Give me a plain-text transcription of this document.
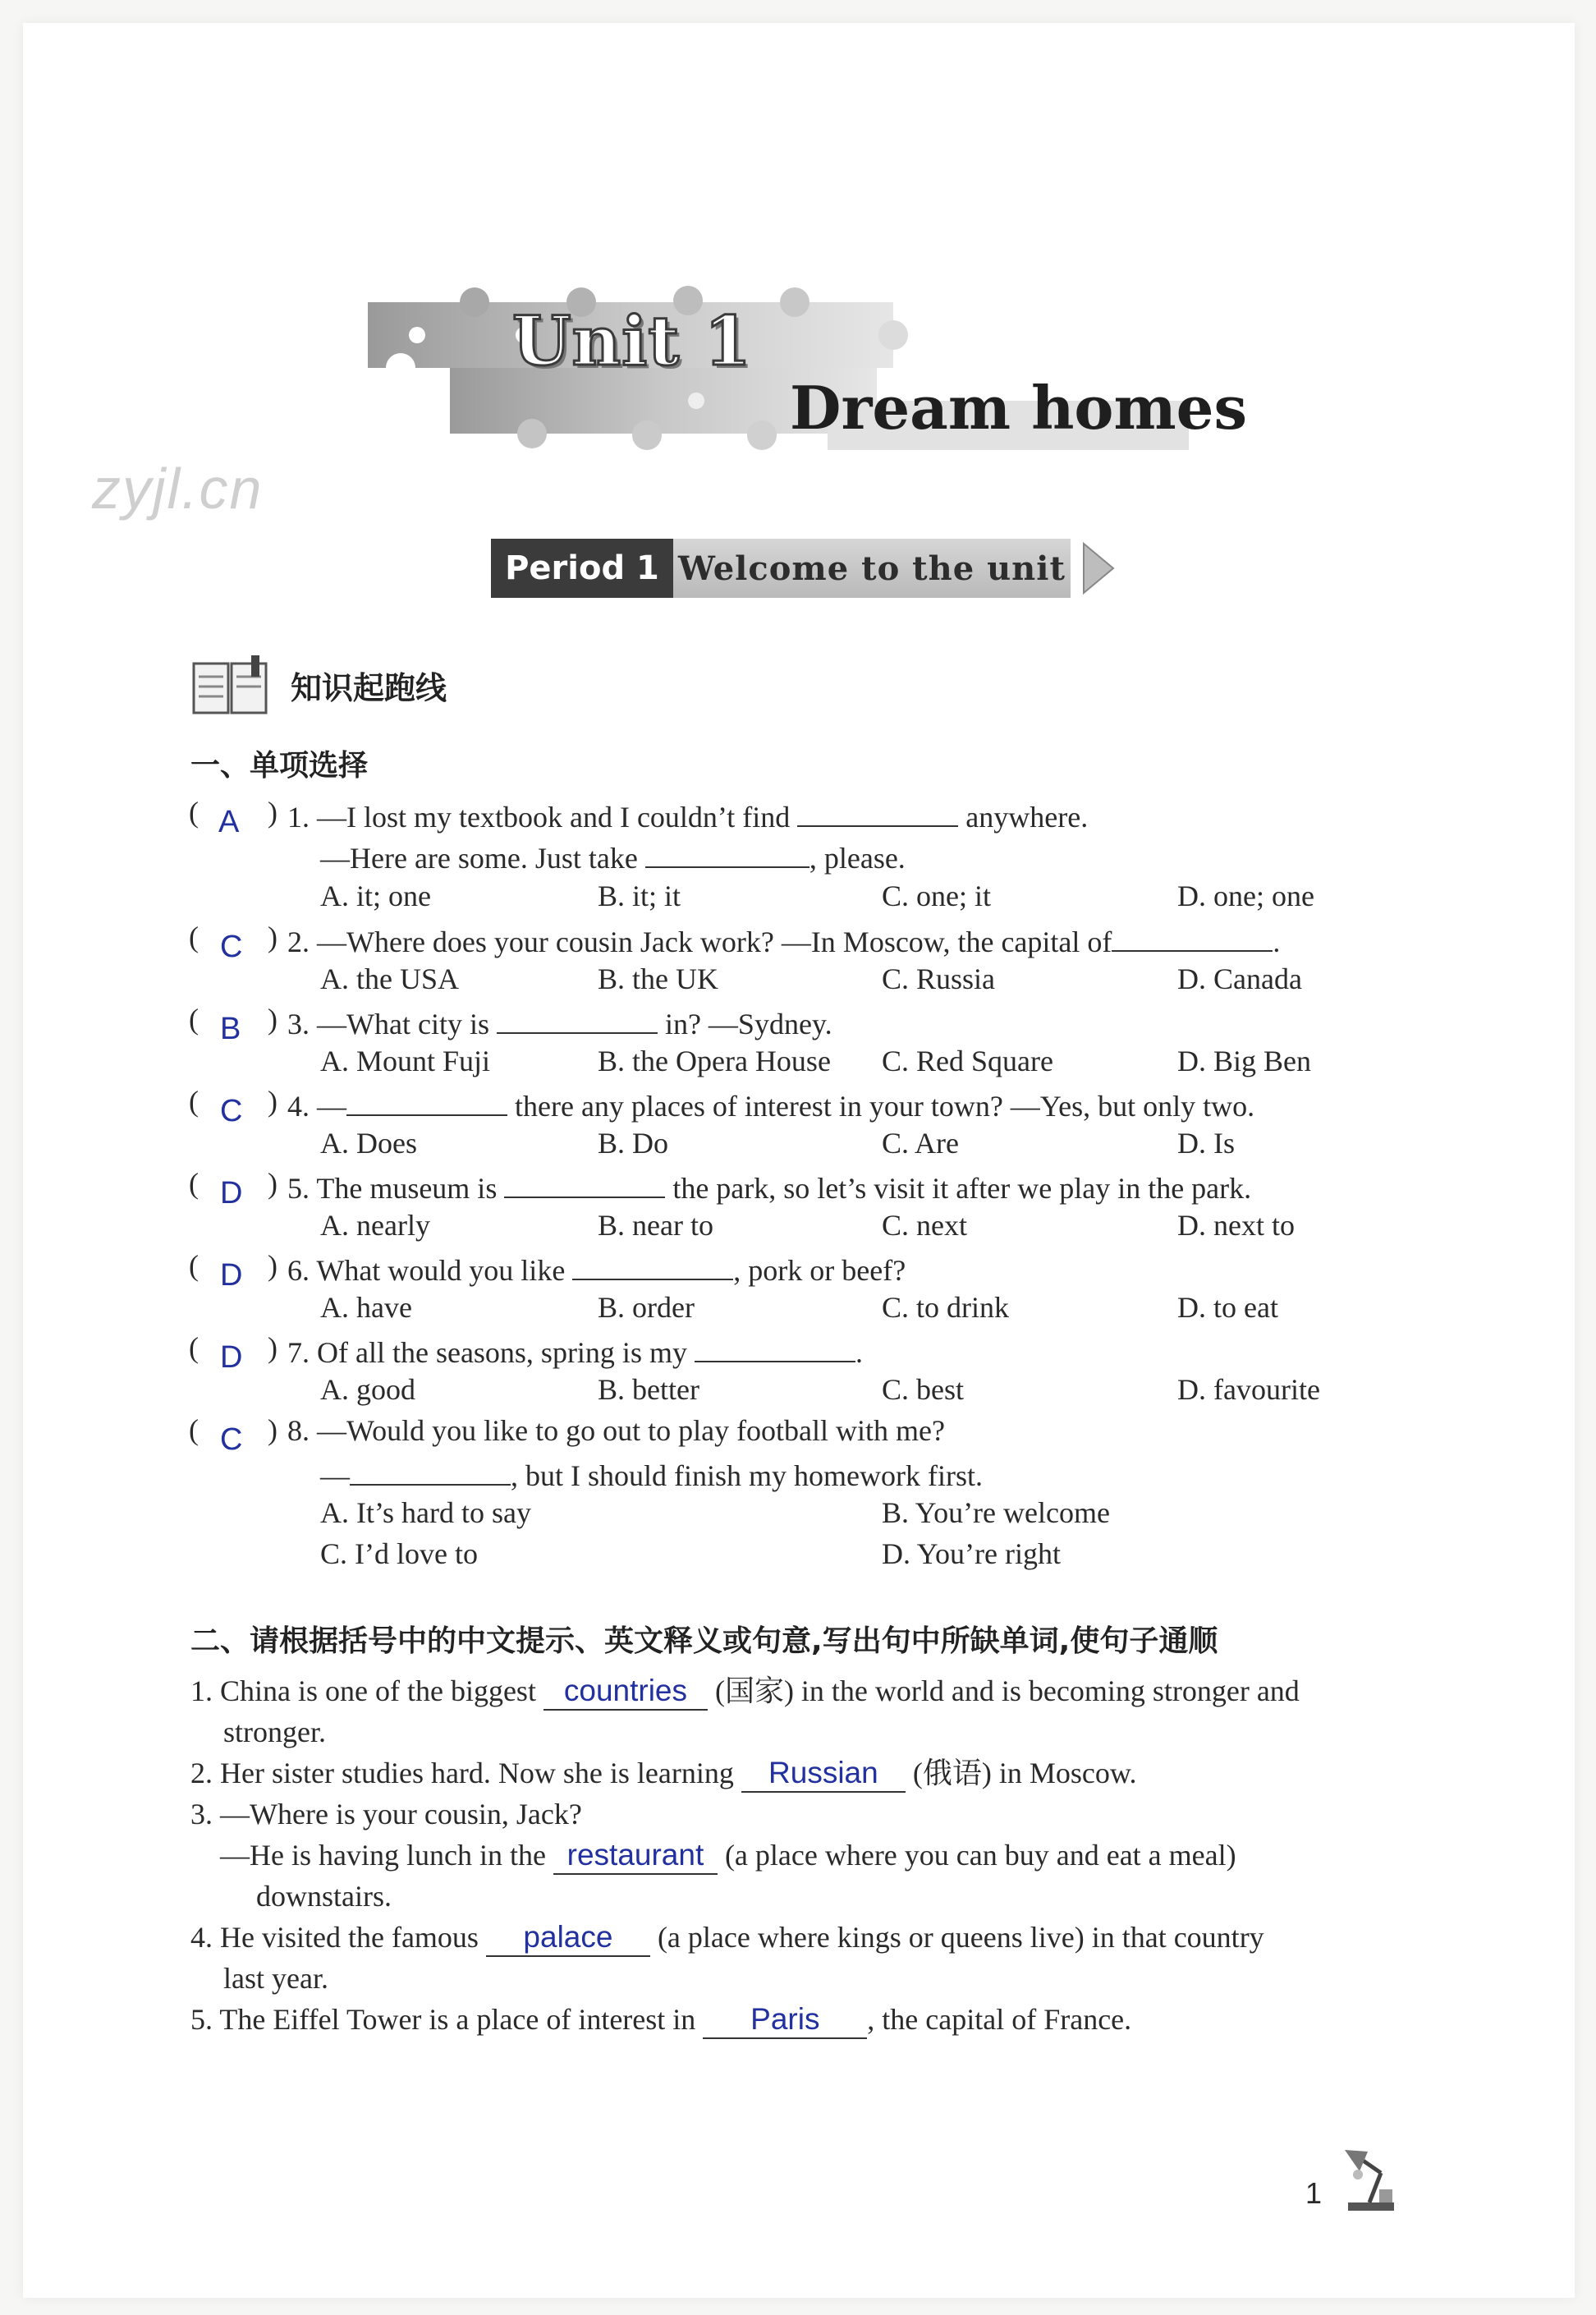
Unit 1
Dream homes
zyjl.cn
Period 1 Welcome to the unit
知识起跑线
一、单项选择
( A ) 1. —I lost my textbook and I couldn’t find	anywhere.
—Here are some. Just take	, please.
A. it; one	B. it; it	C. one; it	D. one; one
( C ) 2. —Where does your cousin Jack work? —In Moscow, the capital of	.
A. the USA	B. the UK	C. Russia	D. Canada
( B ) 3. —What city is	in? —Sydney.
A. Mount Fuji	B. the Opera House C. Red Square	D. Big Ben
( C ) 4. —	there any places of interest in your town? —Yes, but only two.
A. Does	B. Do	C. Are	D. Is
( D ) 5. The museum is	the park, so let’s visit it after we play in the park.
A. nearly	B. near to	C. next	D. next to
( D ) 6. What would you like	, pork or beef?
A. have	B. order	C. to drink	D. to eat
( D ) 7. Of all the seasons, spring is my	.
A. good	B. better	C. best	D. favourite
( C ) 8. —Would you like to go out to play football with me?
—	, but I should finish my homework first.
A. It’s hard to say	B. You’re welcome
C. I’d love to	D. You’re right
二、请根据括号中的中文提示、英文释义或句意,写出句中所缺单词,使句子通顺
1. China is one of the biggest countries (国家) in the world and is becoming stronger and
stronger.
2. Her sister studies hard. Now she is learning Russian (俄语) in Moscow.
3. —Where is your cousin, Jack?
—He is having lunch in the restaurant (a place where you can buy and eat a meal)
downstairs.
4. He visited the famous palace (a place where kings or queens live) in that country
last year.
5. The Eiffel Tower is a place of interest in Paris , the capital of France.
1
